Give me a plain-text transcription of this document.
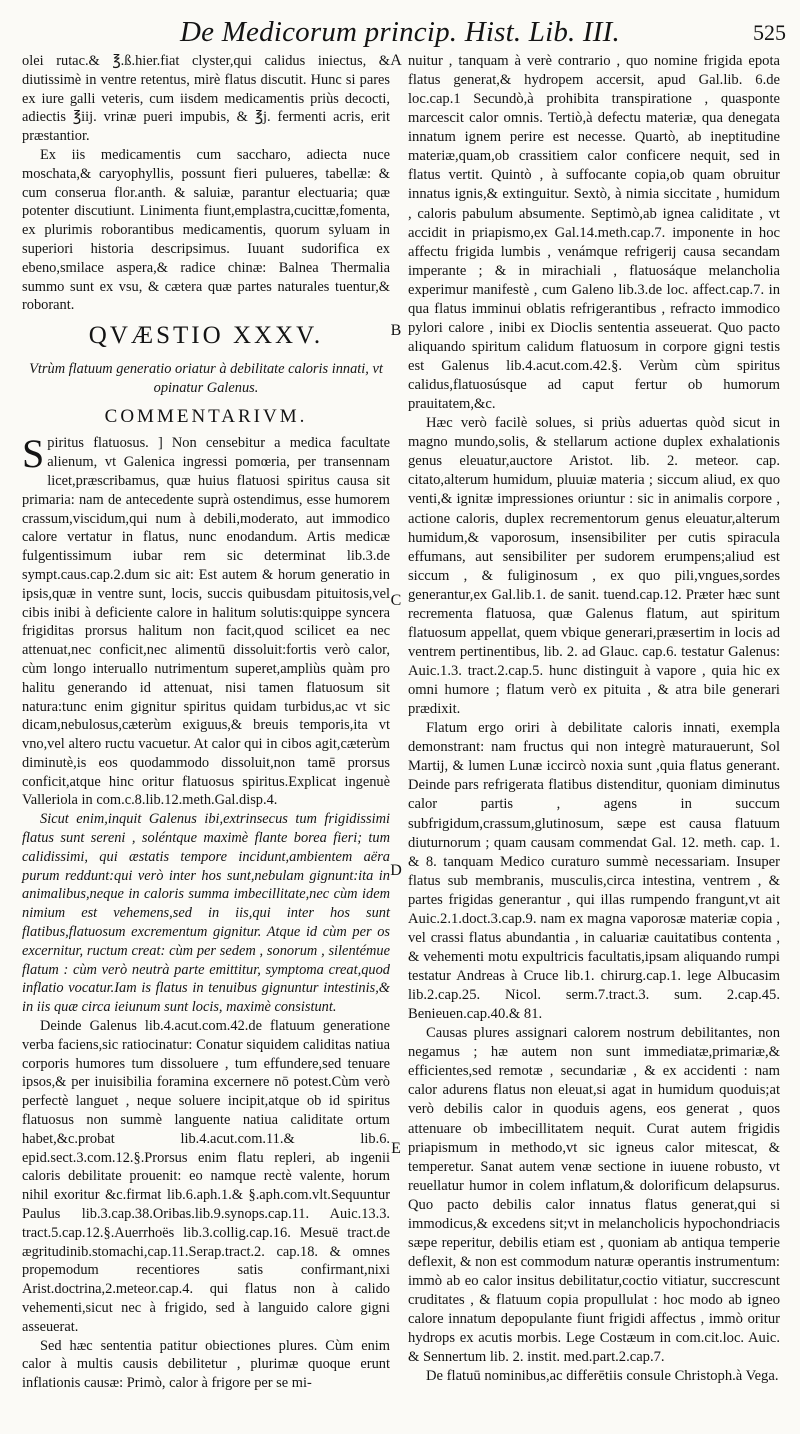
De Medicorum princip. Hist. Lib. III.	525
A
B
C
D
E

olei rutac.& ℥.ß.hier.fiat clyster,qui calidus iniectus, & diutissimè in ventre retentus, mirè flatus discutit. Hunc si pares ex iure galli veteris, cum iisdem medicamentis priùs decocti, adiectis ℥iij. vrinæ pueri impubis, & ℥j. fermenti acris, erit præstantior.

Ex iis medicamentis cum saccharo, adiecta nuce moschata,& caryophyllis, possunt fieri pulueres, tabellæ: & cum conserua flor.anth. & saluiæ, parantur electuaria; quæ potenter discutiunt. Linimenta fiunt,emplastra,cucittæ,fomenta, ex plurimis roborantibus medicamentis, quorum syluam in superiori historia descripsimus. Iuuant sudorifica ex ebeno,smilace aspera,& radice chinæ: Balnea Thermalia summo sunt ex vsu, & cætera quæ partes naturales tuentur,& roborant.

QVÆSTIO XXXV.
Vtrùm flatuum generatio oriatur à debilitate caloris innati, vt opinatur Galenus.
COMMENTARIVM.

Spiritus flatuosus. ] Non censebitur a medica facultate alienum, vt Galenica ingressi pomœria, per transennam licet,præscribamus, quæ huius flatuosi spiritus causa sit primaria: nam de antecedente suprà ostendimus, esse humorem crassum,viscidum,qui num à debili,moderato, aut immodico calore vertatur in flatus, nunc enodandum. Artis medicæ fulgentissimum iubar rem sic determinat lib.3.de sympt.caus.cap.2.dum sic ait: Est autem & horum generatio in ipsis,quæ in ventre sunt, locis, succis quibusdam pituitosis,vel cibis inibi à deficiente calore in halitum solutis:quippe syncera frigiditas prorsus halitum non facit,quod scilicet ea nec attenuat,nec conficit,nec alimentū dissoluit:fortis verò calor, cùm longo interuallo nutrimentum superet,ampliùs quàm pro halitu generando id attenuat, nisi tamen flatuosum sit natura:tunc enim gignitur spiritus quidam turbidus,ac vt sic dicam,nebulosus,cæterùm exiguus,& breuis temporis,ita vt vno,vel altero ructu vacuetur. At calor qui in cibos agit,cæterùm diminutè,is eos quodammodo dissoluit,non tamē prorsus conficit,atque hinc oritur flatuosus spiritus.Explicat ingenuè Valleriola in com.c.8.lib.12.meth.Gal.disp.4.

Sicut enim,inquit Galenus ibi,extrinsecus tum frigidissimi flatus sunt sereni , soléntque maximè flante borea fieri; tum calidissimi, qui æstatis tempore incidunt,ambientem aëra purum reddunt:qui verò inter hos sunt,nebulam gignunt:ita in animalibus,neque in caloris summa imbecillitate,nec cùm idem nimium est vehemens,sed in iis,qui inter hos sunt flatibus,flatuosum excrementum gignitur. Atque id cùm per os excernitur, ructum creat: cùm per sedem , sonorum , silentémue flatum : cùm verò neutrà parte emittitur, symptoma creat,quod inflatio vocatur.Iam is flatus in tenuibus gignuntur intestinis,& in iis quæ circa ieiunum sunt locis, maximè consistunt.

Deinde Galenus lib.4.acut.com.42.de flatuum generatione verba faciens,sic ratiocinatur: Conatur siquidem caliditas natiua corporis humores tum dissoluere , tum effundere,sed tenuare ipsos,& per inuisibilia foramina excernere nō potest.Cùm verò perfectè languet , neque soluere incipit,atque ob id spiritus flatuosus non summè languente natiua caliditate ortum habet,&c.probat lib.4.acut.com.11.& lib.6. epid.sect.3.com.12.§.Prorsus enim flatu repleri, ab ingenii caloris debilitate prouenit: eo namque rectè valente, horum nihil exoritur &c.firmat lib.6.aph.1.& §.aph.com.vlt.Sequuntur Paulus lib.3.cap.38.Oribas.lib.9.synops.cap.11. Auic.13.3. tract.5.cap.12.§.Auerrhoës lib.3.collig.cap.16. Mesuë tract.de ægritudinib.stomachi,cap.11.Serap.tract.2. cap.18. & omnes propemodum recentiores satis confirmant,nixi Arist.doctrina,2.meteor.cap.4. qui flatus non à calido vehementi,sicut nec à frigido, sed à languido calore gigni asseuerat.

Sed hæc sententia patitur obiectiones plures. Cùm enim calor à multis causis debilitetur , plurimæ quoque erunt inflationis causæ: Primò, calor à frigore per se mi-

nuitur , tanquam à verè contrario , quo nomine frigida epota flatus generat,& hydropem accersit, apud Gal.lib. 6.de loc.cap.1 Secundò,à prohibita transpiratione , quasponte marcescit calor omnis. Tertiò,à defectu materiæ, qua denegata innatum ignem perire est necesse. Quartò, ab ineptitudine materiæ,quam,ob crassitiem calor conficere nequit, sed in flatus vertit. Quintò , à suffocante copia,ob quam obruitur innatus ignis,& extinguitur. Sextò, à nimia siccitate , humidum , caloris pabulum absumente. Septimò,ab ignea caliditate , vt accidit in priapismo,ex Gal.14.meth.cap.7. imponente in hoc affectu frigida lumbis , venámque refrigerij causa secandam imperante ; & in mirachiali , flatuosáque melancholia experimur manifestè , cum Galeno lib.3.de loc. affect.cap.7. in qua flatus imminui oblatis refrigerantibus , refracto immodico pylori calore , inibi ex Dioclis sententia asseuerat. Quo pacto aliquando spiritum calidum flatuosum in corpore gigni testis est Galenus lib.4.acut.com.42.§. Verùm cùm spiritus calidus,flatuosúsque ad caput fertur ob humorum prauitatem,&c.

Hæc verò facilè solues, si priùs aduertas quòd sicut in magno mundo,solis, & stellarum actione duplex exhalationis genus eleuatur,auctore Aristot. lib. 2. meteor. cap. citato,alterum humidum, pluuiæ materia ; siccum aliud, ex quo venti,& ignitæ impressiones oriuntur : sic in animalis corpore , actione caloris, duplex recrementorum genus eleuatur,alterum humidum,& vaporosum, insensibiliter per cutis spiracula effumans, aut sensibiliter per sudorem erumpens;aliud est siccum , & fuliginosum , ex quo pili,vngues,sordes generantur,ex Gal.lib.1. de sanit. tuend.cap.12. Præter hæc sunt recrementa flatuosa, quæ Galenus flatum, aut spiritum flatuosum appellat, quem vbique generari,præsertim in locis ad ventrem pertinentibus, lib. 2. ad Glauc. cap.6. testatur Galenus: Auic.1.3. tract.2.cap.5. hunc distinguit à vapore , quia hic ex omni humore ; flatum verò ex pituita , & atra bile generari prædixit.

Flatum ergo oriri à debilitate caloris innati, exempla demonstrant: nam fructus qui non integrè maturauerunt, Sol Martij, & lumen Lunæ iccircò noxia sunt ,quia flatus generant. Deinde pars refrigerata flatibus distenditur, quoniam diminutus calor partis , agens in succum subfrigidum,crassum,glutinosum, sæpe est causa flatuum diuturnorum ; quam causam commendat Gal. 12. meth. cap. 1. & 8. tanquam Medico curaturo summè necessariam. Insuper flatus sub membranis, musculis,circa intestina, ventrem , & partes frigidas generantur , qui illas rumpendo frangunt,vt ait Auic.2.1.doct.3.cap.9. nam ex magna vaporosæ materiæ copia , vel crassi flatus abundantia , in caluariæ cauitatibus contenta , & vehementi motu expultricis facultatis,ipsam aliquando rumpi testatur Andreas à Cruce lib.1. chirurg.cap.1. lege Albucasim lib.2.cap.25. Nicol. serm.7.tract.3. sum. 2.cap.45. Benieuen.cap.40.& 81.

Causas plures assignari calorem nostrum debilitantes, non negamus ; hæ autem non sunt immediatæ,primariæ,& efficientes,sed remotæ , secundariæ , & ex accidenti : nam calor adurens flatus non eleuat,si agat in humidum quoduis;at verò debilis calor in quoduis agens, eos generat , quos attenuare ob imbecillitatem nequit. Curat autem frigidis priapismum in methodo,vt sic igneus calor mitescat, & temperetur. Sanat autem venæ sectione in iuuene robusto, vt reuellatur humor in colem inflatum,& dolorificum delapsurus. Quo pacto debilis calor innatus flatus generat,qui si immodicus,& excedens sit;vt in melancholicis hypochondriacis sæpe reperitur, debilis etiam est , quoniam ab antiqua temperie deflexit, & non est commodum naturæ operantis instrumentum: immò ab eo calor insitus debilitatur,coctio vitiatur, succrescunt cruditates , & flatuum copia propullulat : hoc modo ab igneo calore innatum depopulante fiunt frigidi affectus , immò oritur hydrops ex acutis morbis. Lege Costæum in com.cit.loc. Auic. & Sennertum lib. 2. instit. med.part.2.cap.7.

De flatuū nominibus,ac differētiis consule Christoph.à Vega.
